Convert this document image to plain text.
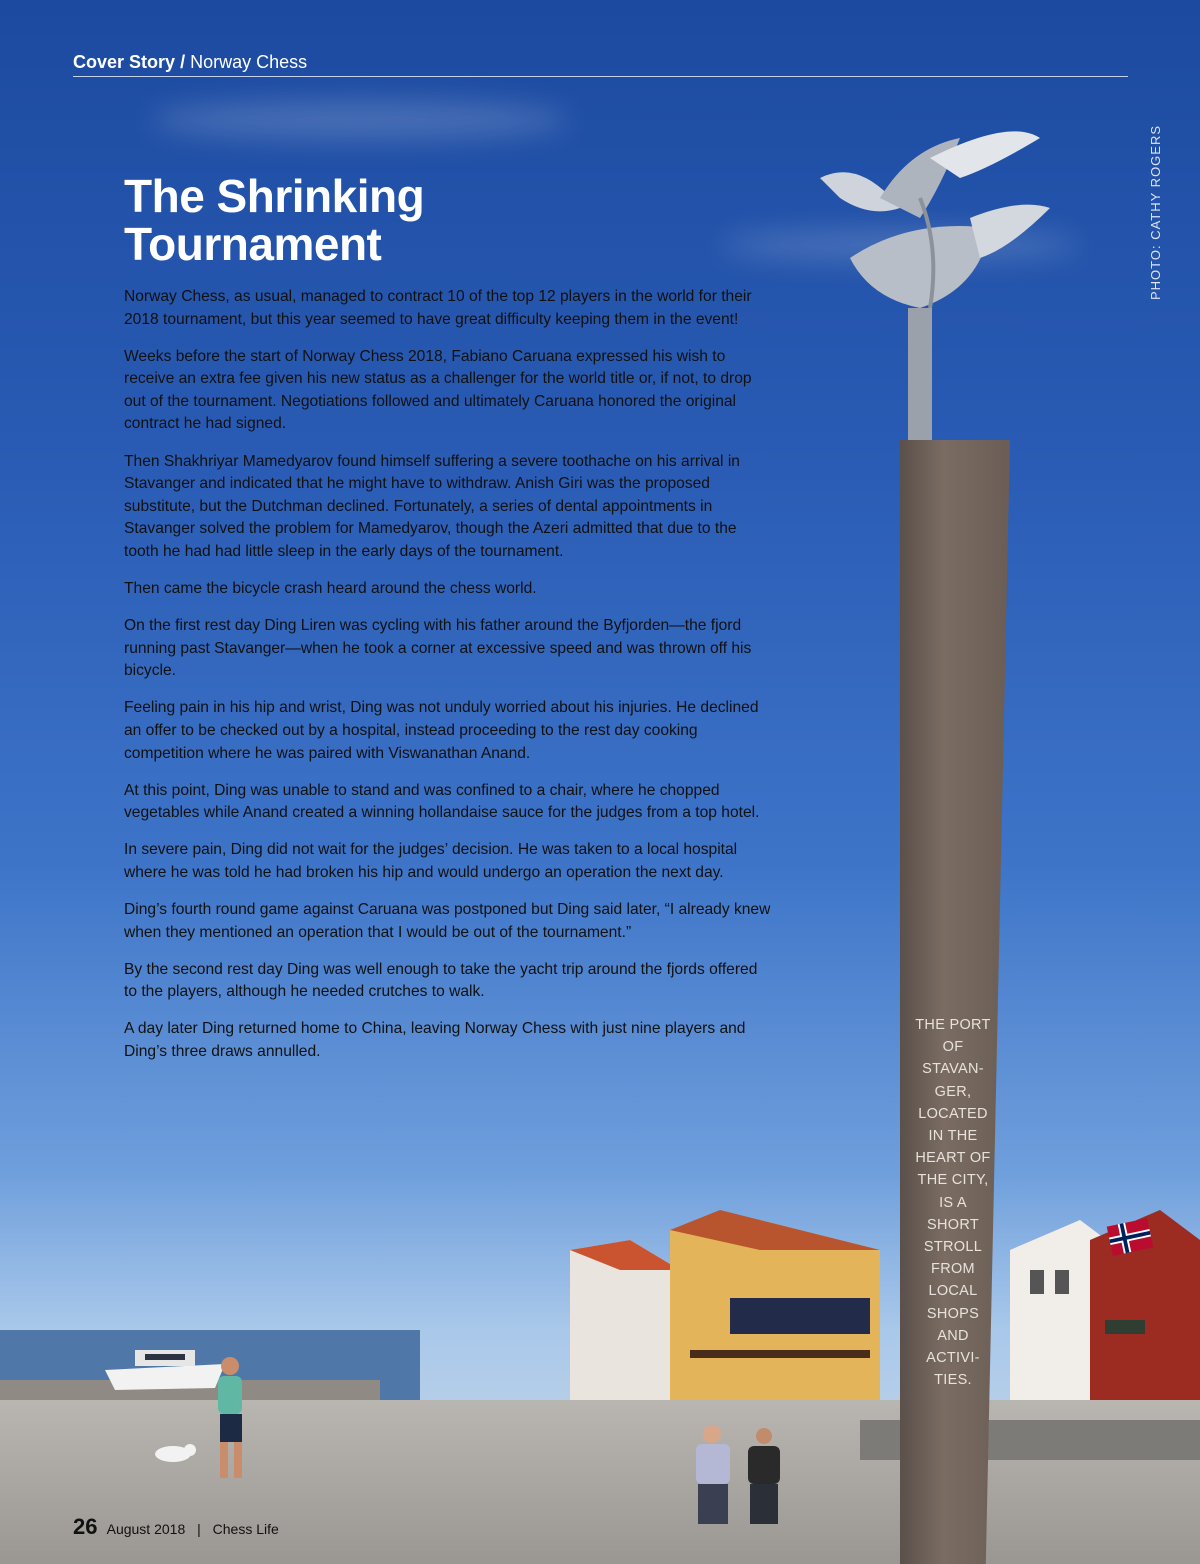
Cover Story / Norway Chess
PHOTO: CATHY ROGERS
The Shrinking
Tournament

Norway Chess, as usual, managed to contract 10 of the top 12 players in the world for their 2018 tournament, but this year seemed to have great difficulty keeping them in the event!

Weeks before the start of Norway Chess 2018, Fabiano Caruana expressed his wish to receive an extra fee given his new status as a challenger for the world title or, if not, to drop out of the tournament. Negotiations followed and ultimately Caruana honored the original contract he had signed.

Then Shakhriyar Mamedyarov found himself suffering a severe toothache on his arrival in Stavanger and indicated that he might have to withdraw. Anish Giri was the proposed substitute, but the Dutchman declined. Fortunately, a series of dental appointments in Stavanger solved the problem for Mamedyarov, though the Azeri admitted that due to the tooth he had had little sleep in the early days of the tournament.

Then came the bicycle crash heard around the chess world.

On the first rest day Ding Liren was cycling with his father around the Byfjorden—the fjord running past Stavanger—when he took a corner at excessive speed and was thrown off his bicycle.

Feeling pain in his hip and wrist, Ding was not unduly worried about his injuries. He declined an offer to be checked out by a hospital, instead proceeding to the rest day cooking competition where he was paired with Viswanathan Anand.

At this point, Ding was unable to stand and was confined to a chair, where he chopped vegetables while Anand created a winning hollandaise sauce for the judges from a top hotel.

In severe pain, Ding did not wait for the judges’ decision. He was taken to a local hospital where he was told he had broken his hip and would undergo an operation the next day.

Ding’s fourth round game against Caruana was postponed but Ding said later, “I already knew when they mentioned an operation that I would be out of the tournament.”

By the second rest day Ding was well enough to take the yacht trip around the fjords offered to the players, although he needed crutches to walk.

A day later Ding returned home to China, leaving Norway Chess with just nine players and Ding’s three draws annulled.

THE PORT
OF
STAVAN-
GER,
LOCATED
IN THE
HEART OF
THE CITY,
IS A
SHORT
STROLL
FROM
LOCAL
SHOPS
AND
ACTIVI-
TIES.
26 August 2018 | Chess Life
